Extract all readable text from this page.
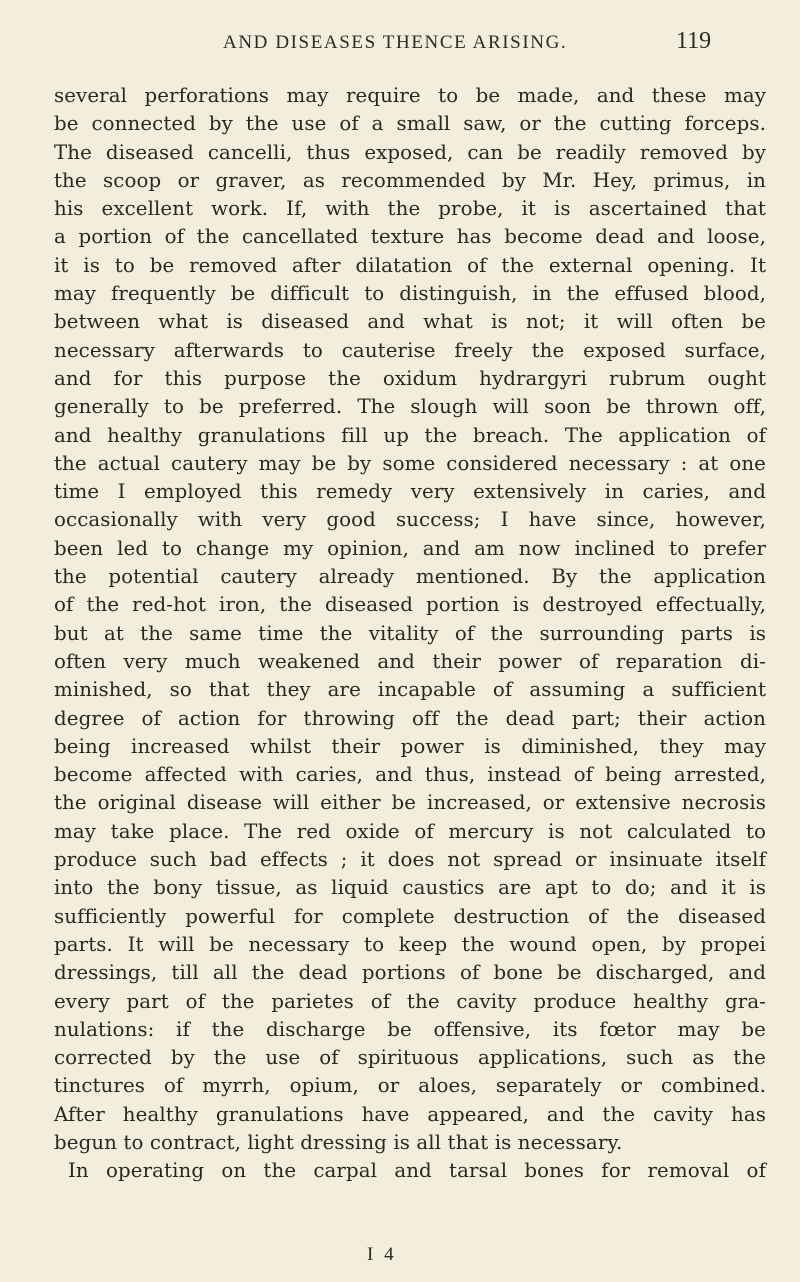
AND DISEASES THENCE ARISING.	119
several perforations may require to be made, and these may
be connected by the use of a small saw, or the cutting forceps.
The diseased cancelli, thus exposed, can be readily removed by
the scoop or graver, as recommended by Mr. Hey, primus, in
his excellent work. If, with the probe, it is ascertained that
a portion of the cancellated texture has become dead and loose,
it is to be removed after dilatation of the external opening. It
may frequently be difficult to distinguish, in the effused blood,
between what is diseased and what is not; it will often be
necessary afterwards to cauterise freely the exposed surface,
and for this purpose the oxidum hydrargyri rubrum ought
generally to be preferred. The slough will soon be thrown off,
and healthy granulations fill up the breach. The application of
the actual cautery may be by some considered necessary : at one
time I employed this remedy very extensively in caries, and
occasionally with very good success; I have since, however,
been led to change my opinion, and am now inclined to prefer
the potential cautery already mentioned. By the application
of the red-hot iron, the diseased portion is destroyed effectually,
but at the same time the vitality of the surrounding parts is
often very much weakened and their power of reparation di-
minished, so that they are incapable of assuming a sufficient
degree of action for throwing off the dead part; their action
being increased whilst their power is diminished, they may
become affected with caries, and thus, instead of being arrested,
the original disease will either be increased, or extensive necrosis
may take place. The red oxide of mercury is not calculated to
produce such bad effects ; it does not spread or insinuate itself
into the bony tissue, as liquid caustics are apt to do; and it is
sufficiently powerful for complete destruction of the diseased
parts. It will be necessary to keep the wound open, by propei
dressings, till all the dead portions of bone be discharged, and
every part of the parietes of the cavity produce healthy gra-
nulations: if the discharge be offensive, its fœtor may be
corrected by the use of spirituous applications, such as the
tinctures of myrrh, opium, or aloes, separately or combined.
After healthy granulations have appeared, and the cavity has
begun to contract, light dressing is all that is necessary.
In operating on the carpal and tarsal bones for removal of
I 4
